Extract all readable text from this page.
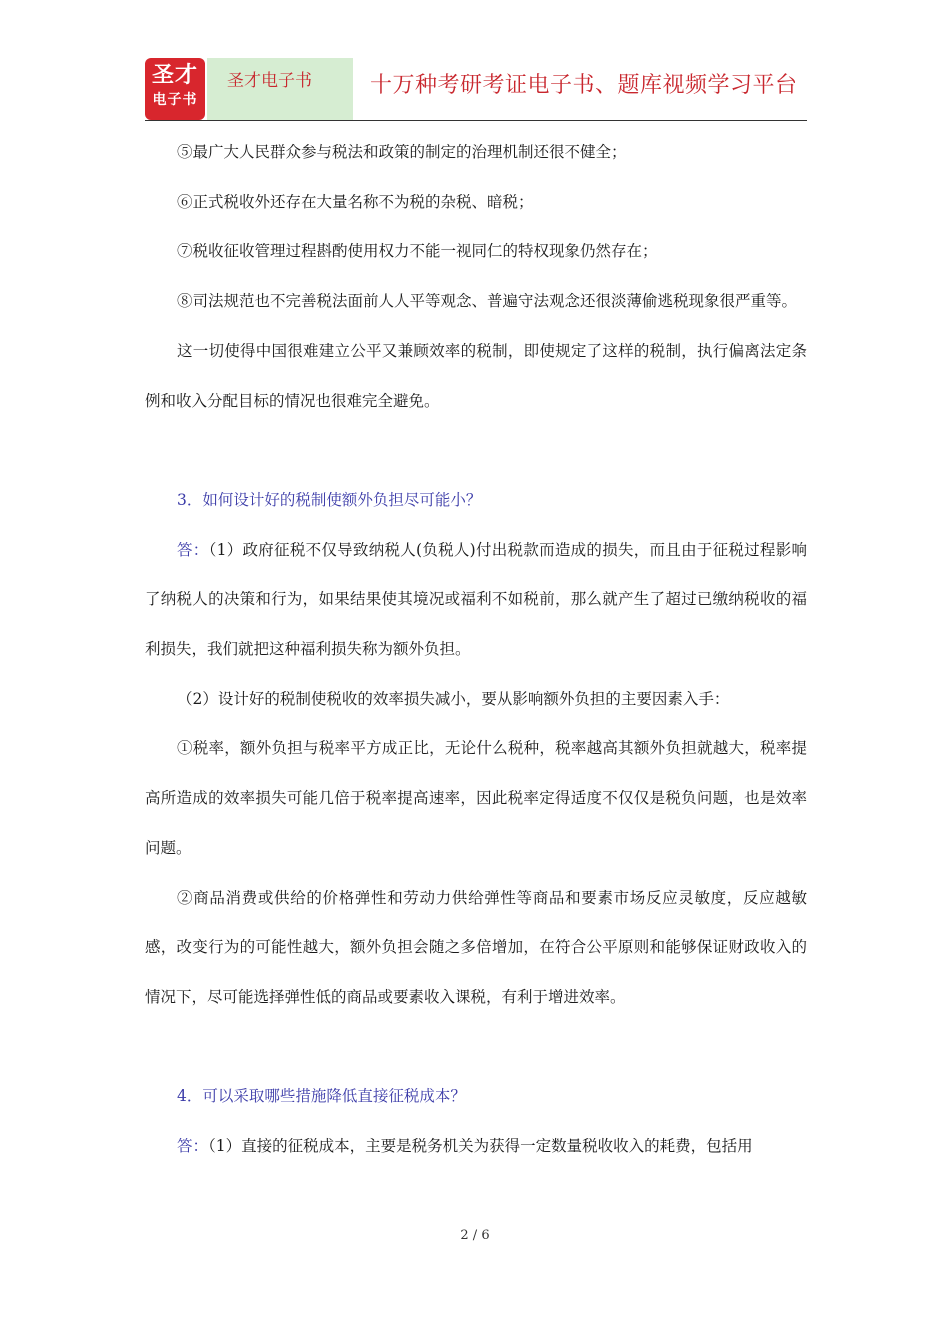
圣才
电子书
圣才电子书	十万种考研考证电子书、题库视频学习平台

⑤最广大人民群众参与税法和政策的制定的治理机制还很不健全；

⑥正式税收外还存在大量名称不为税的杂税、暗税；

⑦税收征收管理过程斟酌使用权力不能一视同仁的特权现象仍然存在；

⑧司法规范也不完善税法面前人人平等观念、普遍守法观念还很淡薄偷逃税现象很严重等。

这一切使得中国很难建立公平又兼顾效率的税制，即使规定了这样的税制，执行偏离法定条例和收入分配目标的情况也很难完全避免。

3．如何设计好的税制使额外负担尽可能小？

答：（1）政府征税不仅导致纳税人(负税人)付出税款而造成的损失，而且由于征税过程影响了纳税人的决策和行为，如果结果使其境况或福利不如税前，那么就产生了超过已缴纳税收的福利损失，我们就把这种福利损失称为额外负担。

（2）设计好的税制使税收的效率损失减小，要从影响额外负担的主要因素入手：

①税率，额外负担与税率平方成正比，无论什么税种，税率越高其额外负担就越大，税率提高所造成的效率损失可能几倍于税率提高速率，因此税率定得适度不仅仅是税负问题，也是效率问题。

②商品消费或供给的价格弹性和劳动力供给弹性等商品和要素市场反应灵敏度，反应越敏感，改变行为的可能性越大，额外负担会随之多倍增加，在符合公平原则和能够保证财政收入的情况下，尽可能选择弹性低的商品或要素收入课税，有利于增进效率。

4．可以采取哪些措施降低直接征税成本？

答：（1）直接的征税成本，主要是税务机关为获得一定数量税收收入的耗费，包括用

2 / 6
